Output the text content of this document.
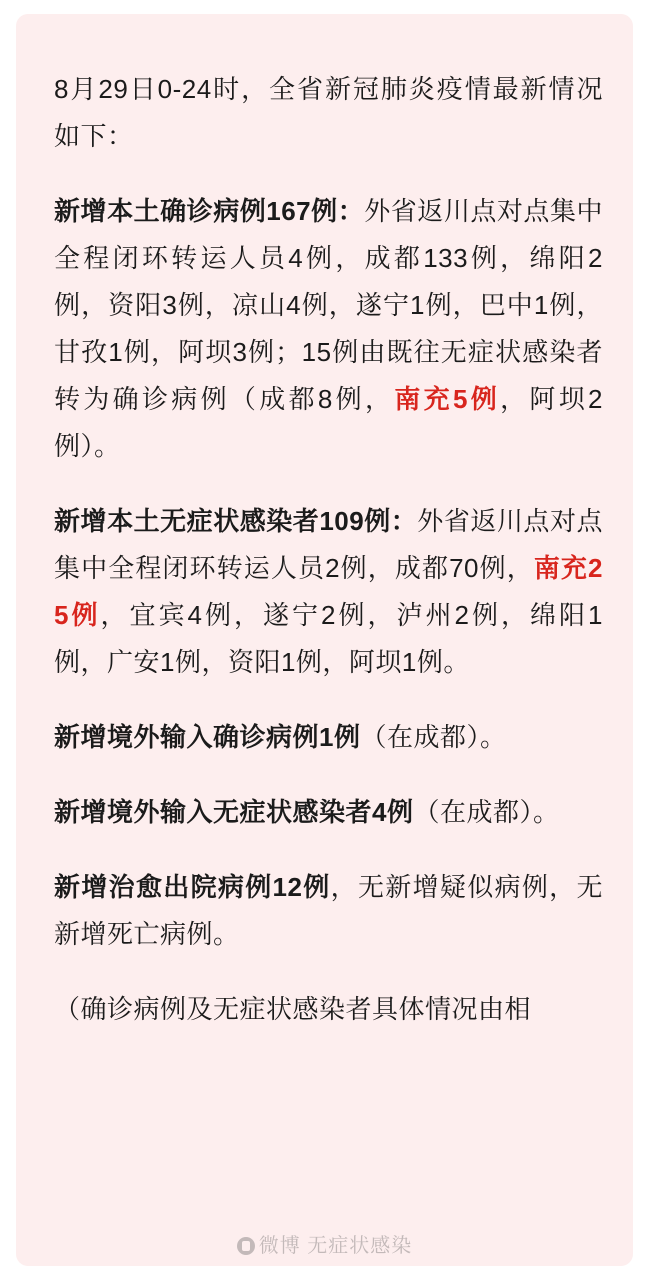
8月29日0-24时，全省新冠肺炎疫情最新情况如下：

新增本土确诊病例167例：外省返川点对点集中全程闭环转运人员4例，成都133例，绵阳2例，资阳3例，凉山4例，遂宁1例，巴中1例，甘孜1例，阿坝3例；15例由既往无症状感染者转为确诊病例（成都8例，南充5例，阿坝2例）。

新增本土无症状感染者109例：外省返川点对点集中全程闭环转运人员2例，成都70例，南充25例，宜宾4例，遂宁2例，泸州2例，绵阳1例，广安1例，资阳1例，阿坝1例。

新增境外输入确诊病例1例（在成都）。

新增境外输入无症状感染者4例（在成都）。

新增治愈出院病例12例，无新增疑似病例，无新增死亡病例。

（确诊病例及无症状感染者具体情况由相

微博 无症状感染
